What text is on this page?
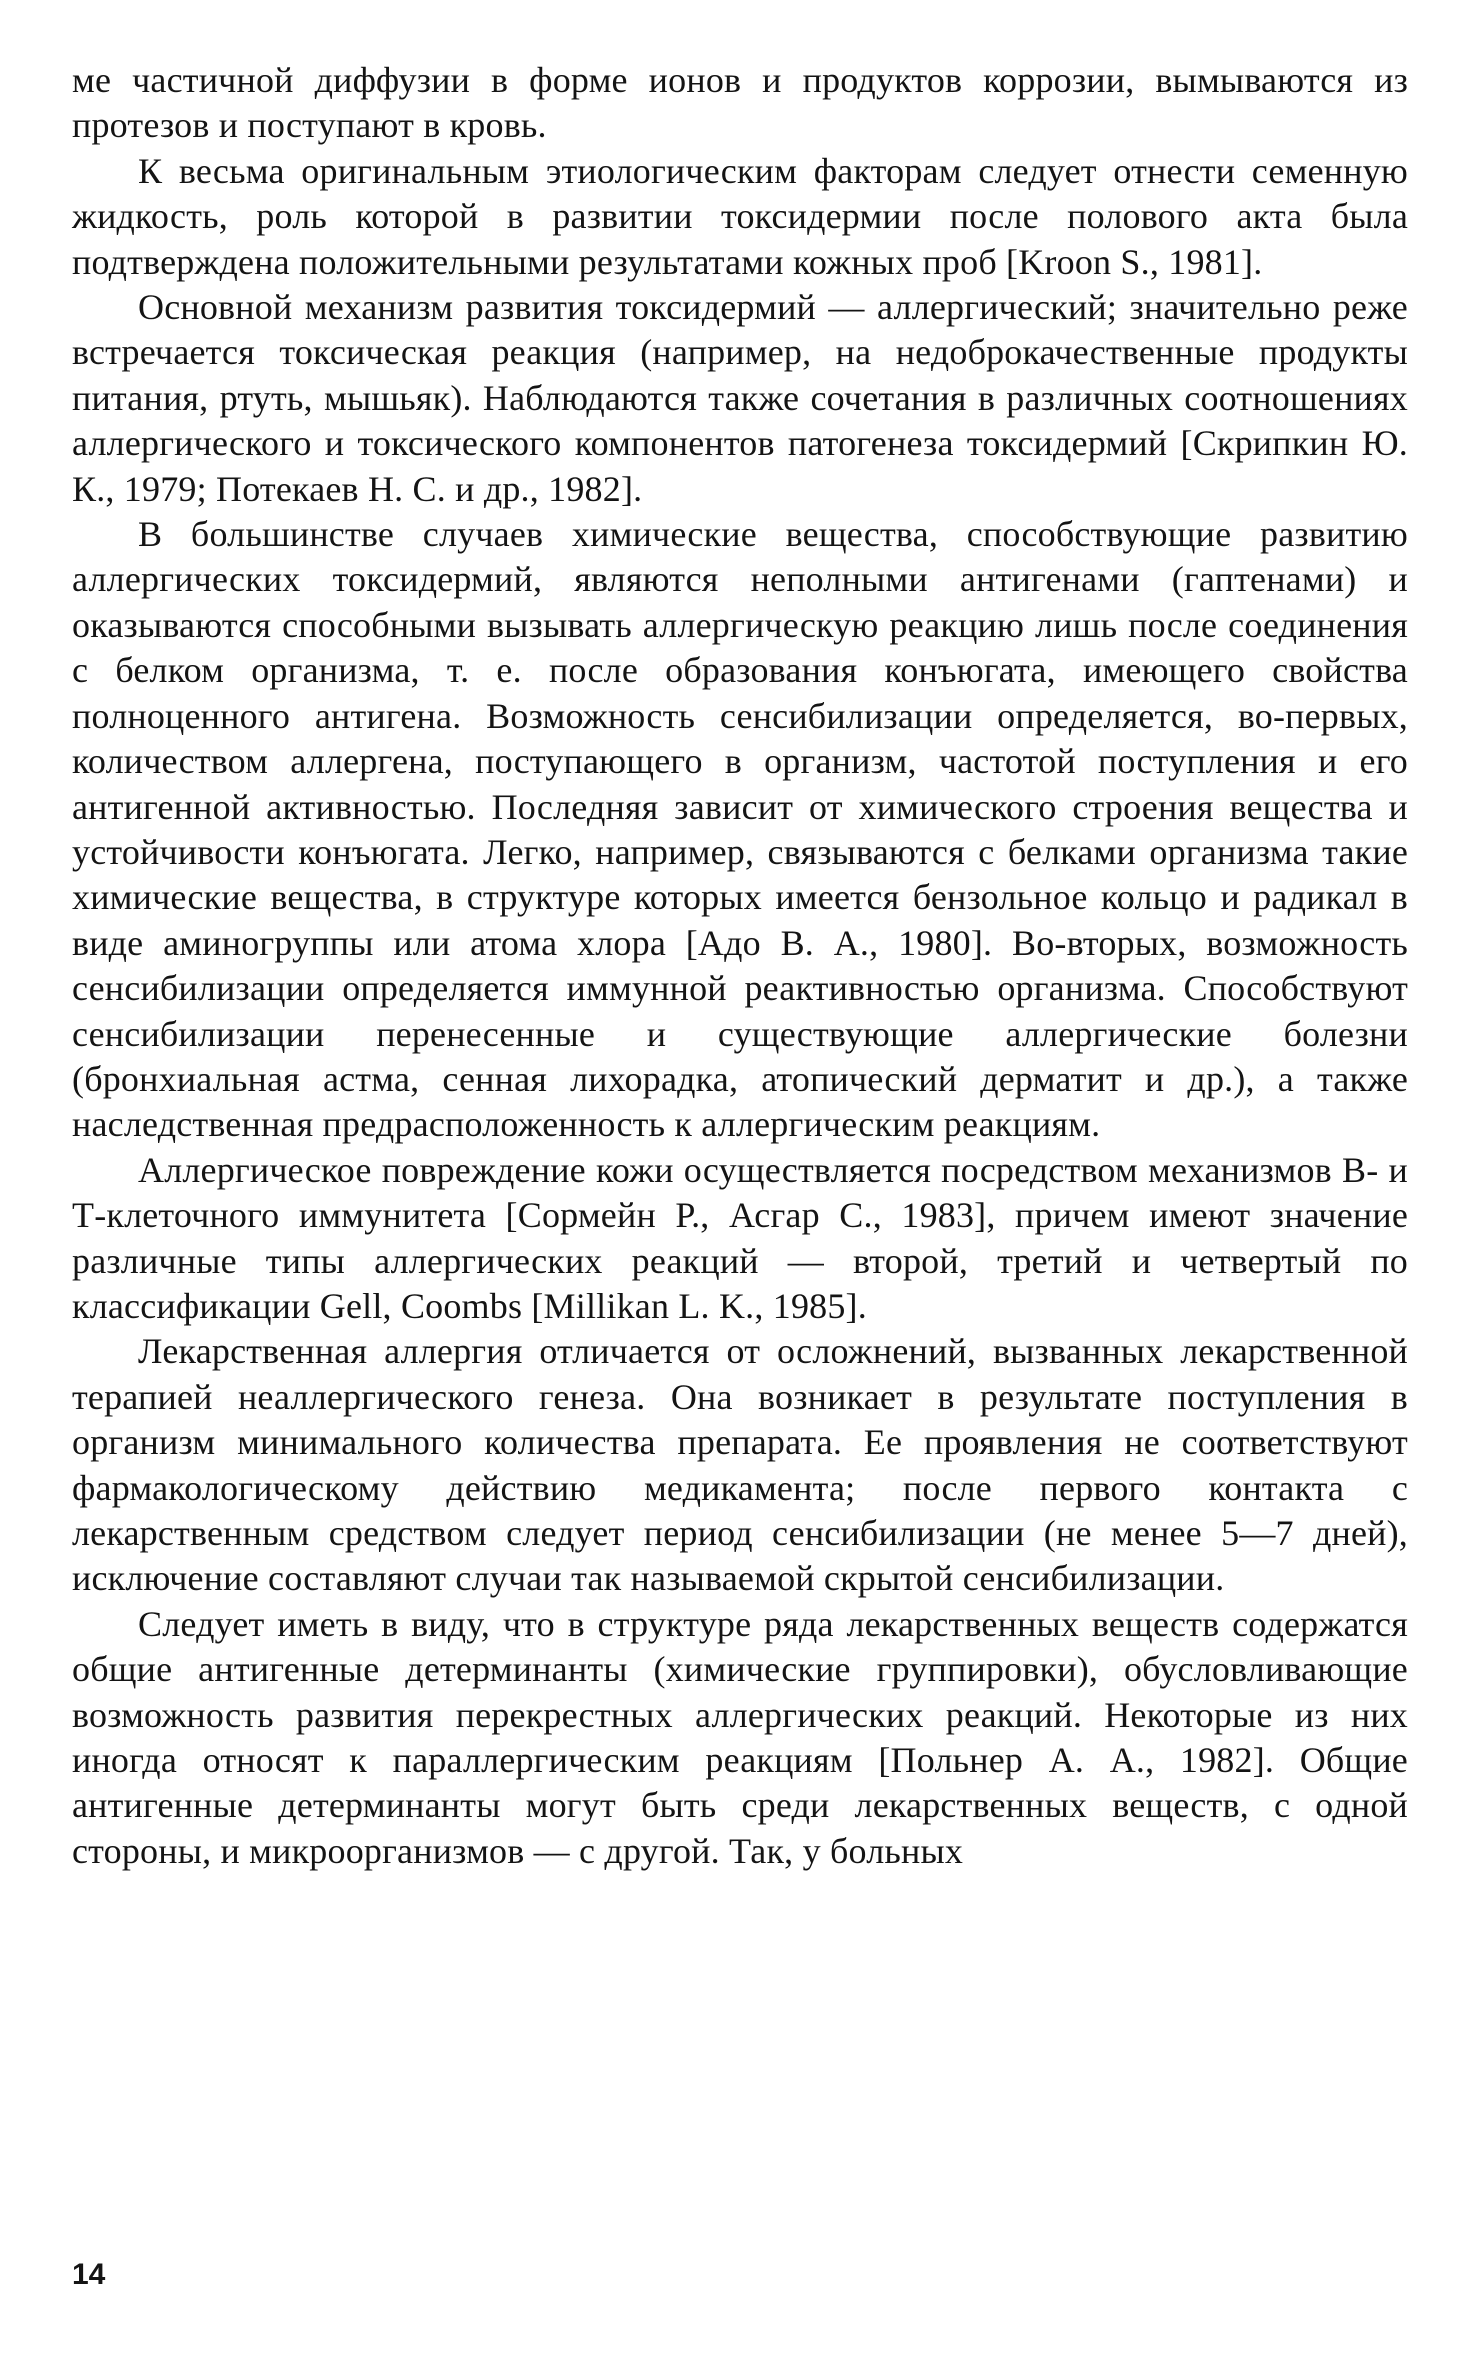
ме частичной диффузии в форме ионов и продуктов коррозии, вымываются из протезов и поступают в кровь.

К весьма оригинальным этиологическим факторам следует отнести семенную жидкость, роль которой в развитии токсидермии после полового акта была подтверждена положительными результатами кожных проб [Kroon S., 1981].

Основной механизм развития токсидермий — аллергический; значительно реже встречается токсическая реакция (например, на недоброкачественные продукты питания, ртуть, мышьяк). Наблюдаются также сочетания в различных соотношениях аллергического и токсического компонентов патогенеза токсидермий [Скрипкин Ю. К., 1979; Потекаев Н. С. и др., 1982].

В большинстве случаев химические вещества, способствующие развитию аллергических токсидермий, являются неполными антигенами (гаптенами) и оказываются способными вызывать аллергическую реакцию лишь после соединения с белком организма, т. е. после образования конъюгата, имеющего свойства полноценного антигена. Возможность сенсибилизации определяется, во-первых, количеством аллергена, поступающего в организм, частотой поступления и его антигенной активностью. Последняя зависит от химического строения вещества и устойчивости конъюгата. Легко, например, связываются с белками организма такие химические вещества, в структуре которых имеется бензольное кольцо и радикал в виде аминогруппы или атома хлора [Адо В. А., 1980]. Во-вторых, возможность сенсибилизации определяется иммунной реактивностью организма. Способствуют сенсибилизации перенесенные и существующие аллергические болезни (бронхиальная астма, сенная лихорадка, атопический дерматит и др.), а также наследственная предрасположенность к аллергическим реакциям.

Аллергическое повреждение кожи осуществляется посредством механизмов В- и Т-клеточного иммунитета [Сормейн Р., Асгар С., 1983], причем имеют значение различные типы аллергических реакций — второй, третий и четвертый по классификации Gell, Coombs [Millikan L. K., 1985].

Лекарственная аллергия отличается от осложнений, вызванных лекарственной терапией неаллергического генеза. Она возникает в результате поступления в организм минимального количества препарата. Ее проявления не соответствуют фармакологическому действию медикамента; после первого контакта с лекарственным средством следует период сенсибилизации (не менее 5—7 дней), исключение составляют случаи так называемой скрытой сенсибилизации.

Следует иметь в виду, что в структуре ряда лекарственных веществ содержатся общие антигенные детерминанты (химические группировки), обусловливающие возможность развития перекрестных аллергических реакций. Некоторые из них иногда относят к параллергическим реакциям [Польнер А. А., 1982]. Общие антигенные детерминанты могут быть среди лекарственных веществ, с одной стороны, и микроорганизмов — с другой. Так, у больных

14
